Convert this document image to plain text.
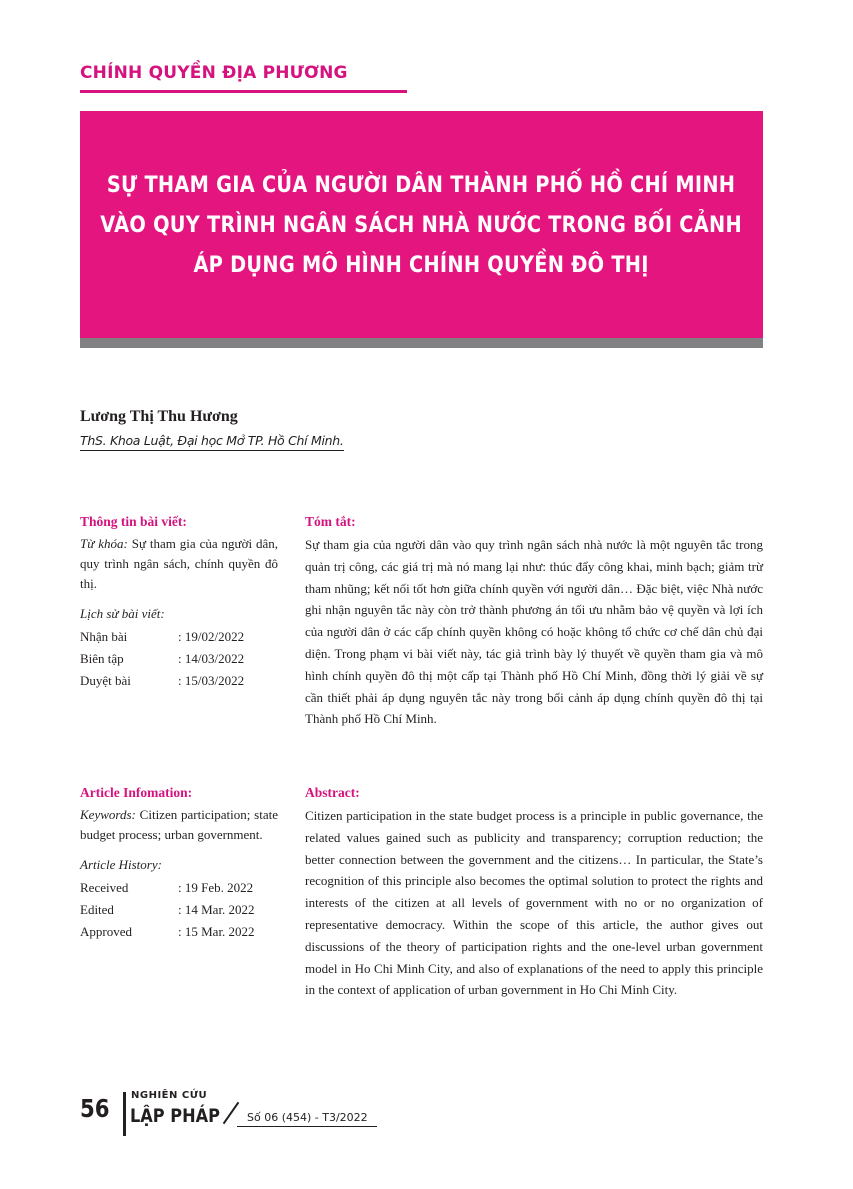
CHÍNH QUYỀN ĐỊA PHƯƠNG
SỰ THAM GIA CỦA NGƯỜI DÂN THÀNH PHỐ HỒ CHÍ MINH
VÀO QUY TRÌNH NGÂN SÁCH NHÀ NƯỚC TRONG BỐI CẢNH
ÁP DỤNG MÔ HÌNH CHÍNH QUYỀN ĐÔ THỊ
Lương Thị Thu Hương
ThS. Khoa Luật, Đại học Mở TP. Hồ Chí Minh.
Thông tin bài viết:
Từ khóa: Sự tham gia của người dân, quy trình ngân sách, chính quyền đô thị.
Lịch sử bài viết:
Nhận bài	: 19/02/2022
Biên tập	: 14/03/2022
Duyệt bài	: 15/03/2022
Tóm tắt:
Sự tham gia của người dân vào quy trình ngân sách nhà nước là một nguyên tắc trong quản trị công, các giá trị mà nó mang lại như: thúc đẩy công khai, minh bạch; giảm trừ tham nhũng; kết nối tốt hơn giữa chính quyền với người dân… Đặc biệt, việc Nhà nước ghi nhận nguyên tắc này còn trở thành phương án tối ưu nhằm bảo vệ quyền và lợi ích của người dân ở các cấp chính quyền không có hoặc không tổ chức cơ chế dân chủ đại diện. Trong phạm vi bài viết này, tác giả trình bày lý thuyết về quyền tham gia và mô hình chính quyền đô thị một cấp tại Thành phố Hồ Chí Minh, đồng thời lý giải về sự cần thiết phải áp dụng nguyên tắc này trong bối cảnh áp dụng chính quyền đô thị tại Thành phố Hồ Chí Minh.
Article Infomation:
Keywords: Citizen participation; state budget process; urban government.
Article History:
Received	: 19 Feb. 2022
Edited	: 14 Mar. 2022
Approved	: 15 Mar. 2022
Abstract:
Citizen participation in the state budget process is a principle in public governance, the related values gained such as publicity and transparency; corruption reduction; the better connection between the government and the citizens… In particular, the State’s recognition of this principle also becomes the optimal solution to protect the rights and interests of the citizen at all levels of government with no or no organization of representative democracy. Within the scope of this article, the author gives out discussions of the theory of participation rights and the one-level urban government model in Ho Chi Minh City, and also of explanations of the need to apply this principle in the context of application of urban government in Ho Chi Minh City.
56 NGHIÊN CỨU
LẬP PHÁP Số 06 (454) - T3/2022
